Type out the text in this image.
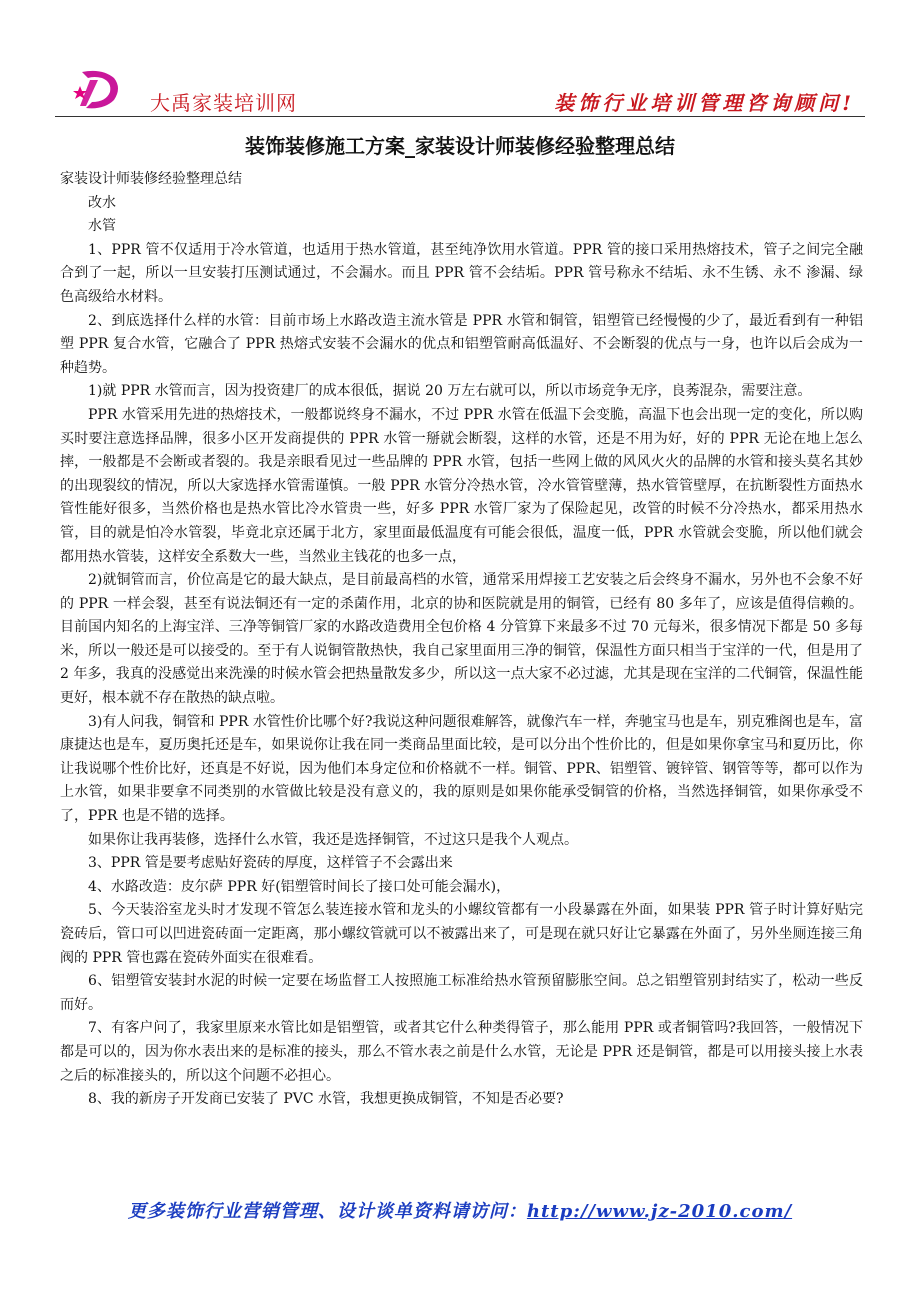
大禹家装培训网	装饰行业培训管理咨询顾问!
装饰装修施工方案_家装设计师装修经验整理总结

家装设计师装修经验整理总结

改水

水管

1、PPR 管不仅适用于冷水管道，也适用于热水管道，甚至纯净饮用水管道。PPR 管的接口采用热熔技术，管子之间完全融合到了一起，所以一旦安装打压测试通过，不会漏水。而且 PPR 管不会结垢。PPR 管号称永不结垢、永不生锈、永不 渗漏、绿色高级给水材料。

2、到底选择什么样的水管：目前市场上水路改造主流水管是 PPR 水管和铜管，铝塑管已经慢慢的少了，最近看到有一种铝塑 PPR 复合水管，它融合了 PPR 热熔式安装不会漏水的优点和铝塑管耐高低温好、不会断裂的优点与一身，也许以后会成为一种趋势。

1)就 PPR 水管而言，因为投资建厂的成本很低，据说 20 万左右就可以，所以市场竞争无序，良莠混杂，需要注意。

PPR 水管采用先进的热熔技术，一般都说终身不漏水，不过 PPR 水管在低温下会变脆，高温下也会出现一定的变化，所以购买时要注意选择品牌，很多小区开发商提供的 PPR 水管一掰就会断裂，这样的水管，还是不用为好，好的 PPR 无论在地上怎么摔，一般都是不会断或者裂的。我是亲眼看见过一些品牌的 PPR 水管，包括一些网上做的风风火火的品牌的水管和接头莫名其妙的出现裂纹的情况，所以大家选择水管需谨慎。一般 PPR 水管分冷热水管，冷水管管壁薄，热水管管壁厚，在抗断裂性方面热水管性能好很多，当然价格也是热水管比冷水管贵一些，好多 PPR 水管厂家为了保险起见，改管的时候不分冷热水，都采用热水管，目的就是怕冷水管裂，毕竟北京还属于北方，家里面最低温度有可能会很低，温度一低，PPR 水管就会变脆，所以他们就会都用热水管装，这样安全系数大一些，当然业主钱花的也多一点，

2)就铜管而言，价位高是它的最大缺点，是目前最高档的水管，通常采用焊接工艺安装之后会终身不漏水，另外也不会象不好的 PPR 一样会裂，甚至有说法铜还有一定的杀菌作用，北京的协和医院就是用的铜管，已经有 80 多年了，应该是值得信赖的。目前国内知名的上海宝洋、三净等铜管厂家的水路改造费用全包价格 4 分管算下来最多不过 70 元每米，很多情况下都是 50 多每米，所以一般还是可以接受的。至于有人说铜管散热快，我自己家里面用三净的铜管，保温性方面只相当于宝洋的一代，但是用了 2 年多，我真的没感觉出来洗澡的时候水管会把热量散发多少，所以这一点大家不必过滤，尤其是现在宝洋的二代铜管，保温性能更好，根本就不存在散热的缺点啦。

3)有人问我，铜管和 PPR 水管性价比哪个好?我说这种问题很难解答，就像汽车一样，奔驰宝马也是车，别克雅阁也是车，富康捷达也是车，夏历奥托还是车，如果说你让我在同一类商品里面比较，是可以分出个性价比的，但是如果你拿宝马和夏历比，你让我说哪个性价比好，还真是不好说，因为他们本身定位和价格就不一样。铜管、PPR、铝塑管、镀锌管、钢管等等，都可以作为上水管，如果非要拿不同类别的水管做比较是没有意义的，我的原则是如果你能承受铜管的价格，当然选择铜管，如果你承受不了，PPR 也是不错的选择。

如果你让我再装修，选择什么水管，我还是选择铜管，不过这只是我个人观点。

3、PPR 管是要考虑贴好瓷砖的厚度，这样管子不会露出来

4、水路改造：皮尔萨 PPR 好(铝塑管时间长了接口处可能会漏水)，

5、今天装浴室龙头时才发现不管怎么装连接水管和龙头的小螺纹管都有一小段暴露在外面，如果装 PPR 管子时计算好贴完瓷砖后，管口可以凹进瓷砖面一定距离，那小螺纹管就可以不被露出来了，可是现在就只好让它暴露在外面了，另外坐厕连接三角阀的 PPR 管也露在瓷砖外面实在很难看。

6、铝塑管安装封水泥的时候一定要在场监督工人按照施工标准给热水管预留膨胀空间。总之铝塑管别封结实了，松动一些反而好。

7、有客户问了，我家里原来水管比如是铝塑管，或者其它什么种类得管子，那么能用 PPR 或者铜管吗?我回答，一般情况下都是可以的，因为你水表出来的是标准的接头，那么不管水表之前是什么水管，无论是 PPR 还是铜管，都是可以用接头接上水表之后的标准接头的，所以这个问题不必担心。

8、我的新房子开发商已安装了 PVC 水管，我想更换成铜管，不知是否必要?

更多装饰行业营销管理、设计谈单资料请访问：http://www.jz-2010.com/
